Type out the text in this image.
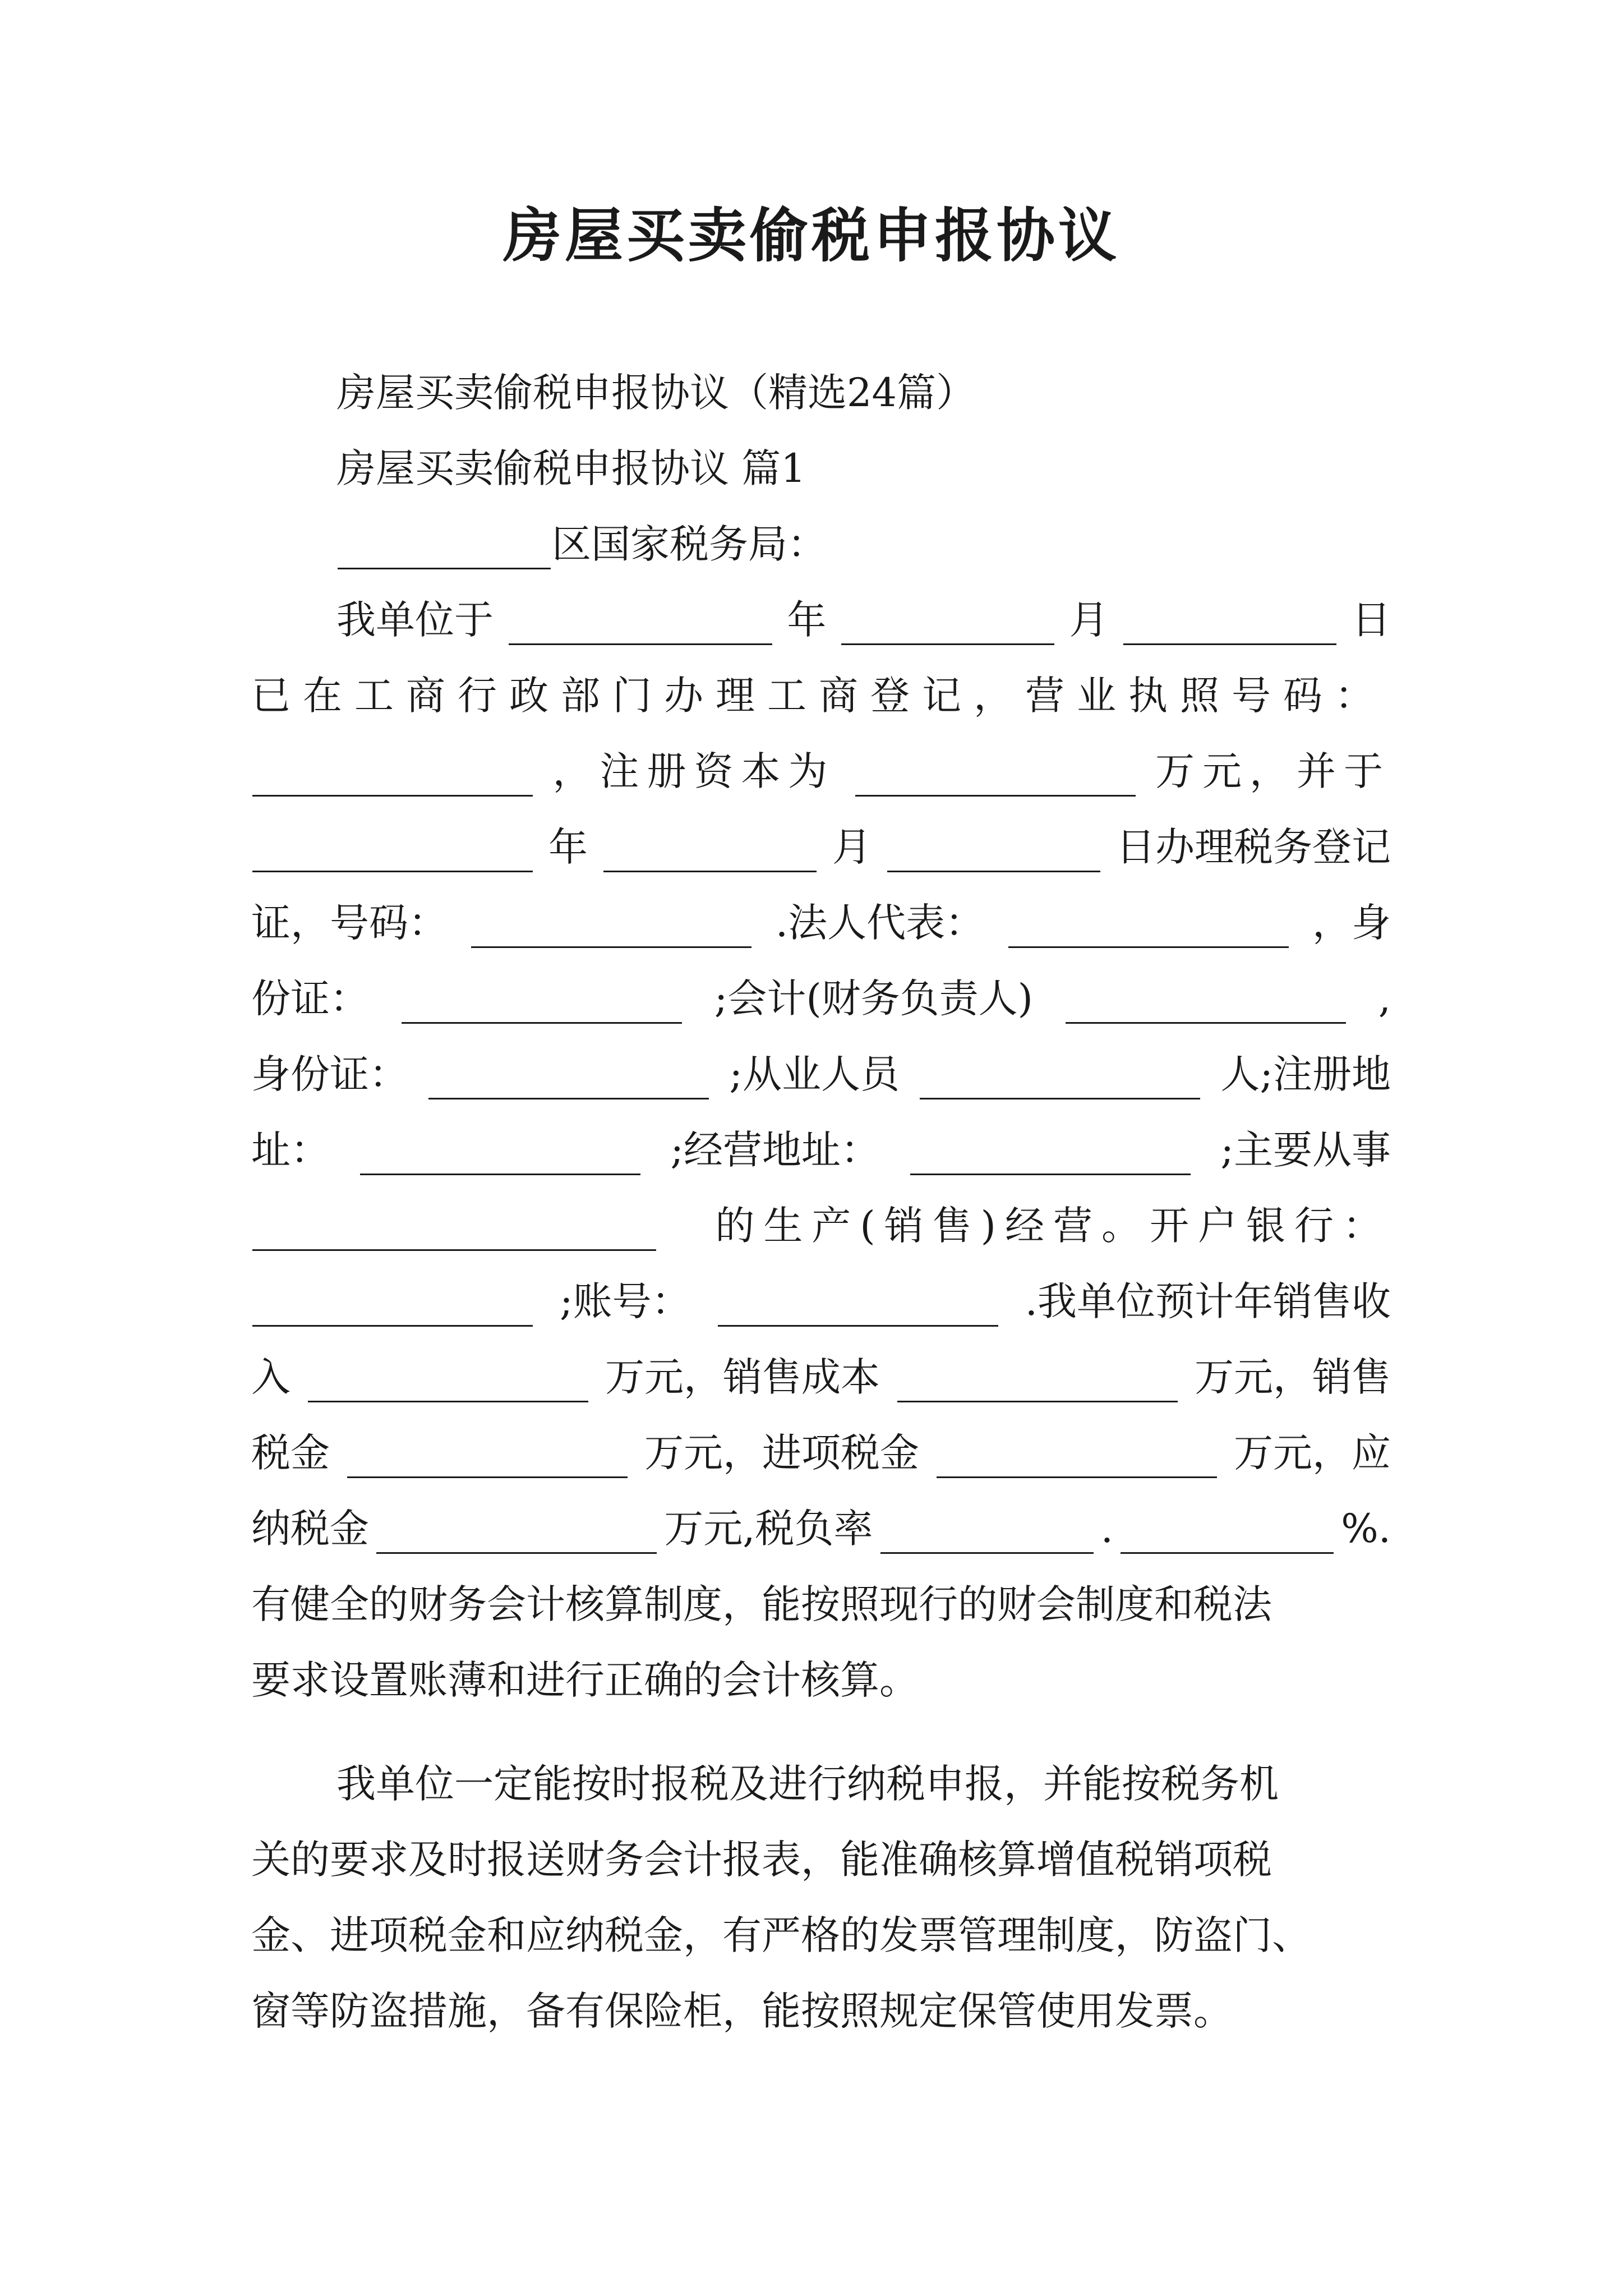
房屋买卖偷税申报协议
房屋买卖偷税申报协议（精选24篇）
房屋买卖偷税申报协议 篇1
区国家税务局：
我单位于	年	月	日
已在工商行政部门办理工商登记，营业执照号码：
，注册资本为	万元，并于
年	月	日办理税务登记
证，号码：	.法人代表：	，身
份证：	;会计(财务负责人)	,
身份证：	;从业人员	人;注册地
址：	;经营地址：	;主要从事
的生产(销售)经营。开户银行：
;账号：	.我单位预计年销售收
入	万元，销售成本	万元，销售
税金	万元，进项税金	万元，应
纳税金	万元,税负率	.	%.
有健全的财务会计核算制度，能按照现行的财会制度和税法
要求设置账薄和进行正确的会计核算。
我单位一定能按时报税及进行纳税申报，并能按税务机
关的要求及时报送财务会计报表，能准确核算增值税销项税
金、进项税金和应纳税金，有严格的发票管理制度，防盗门、
窗等防盗措施，备有保险柜，能按照规定保管使用发票。
